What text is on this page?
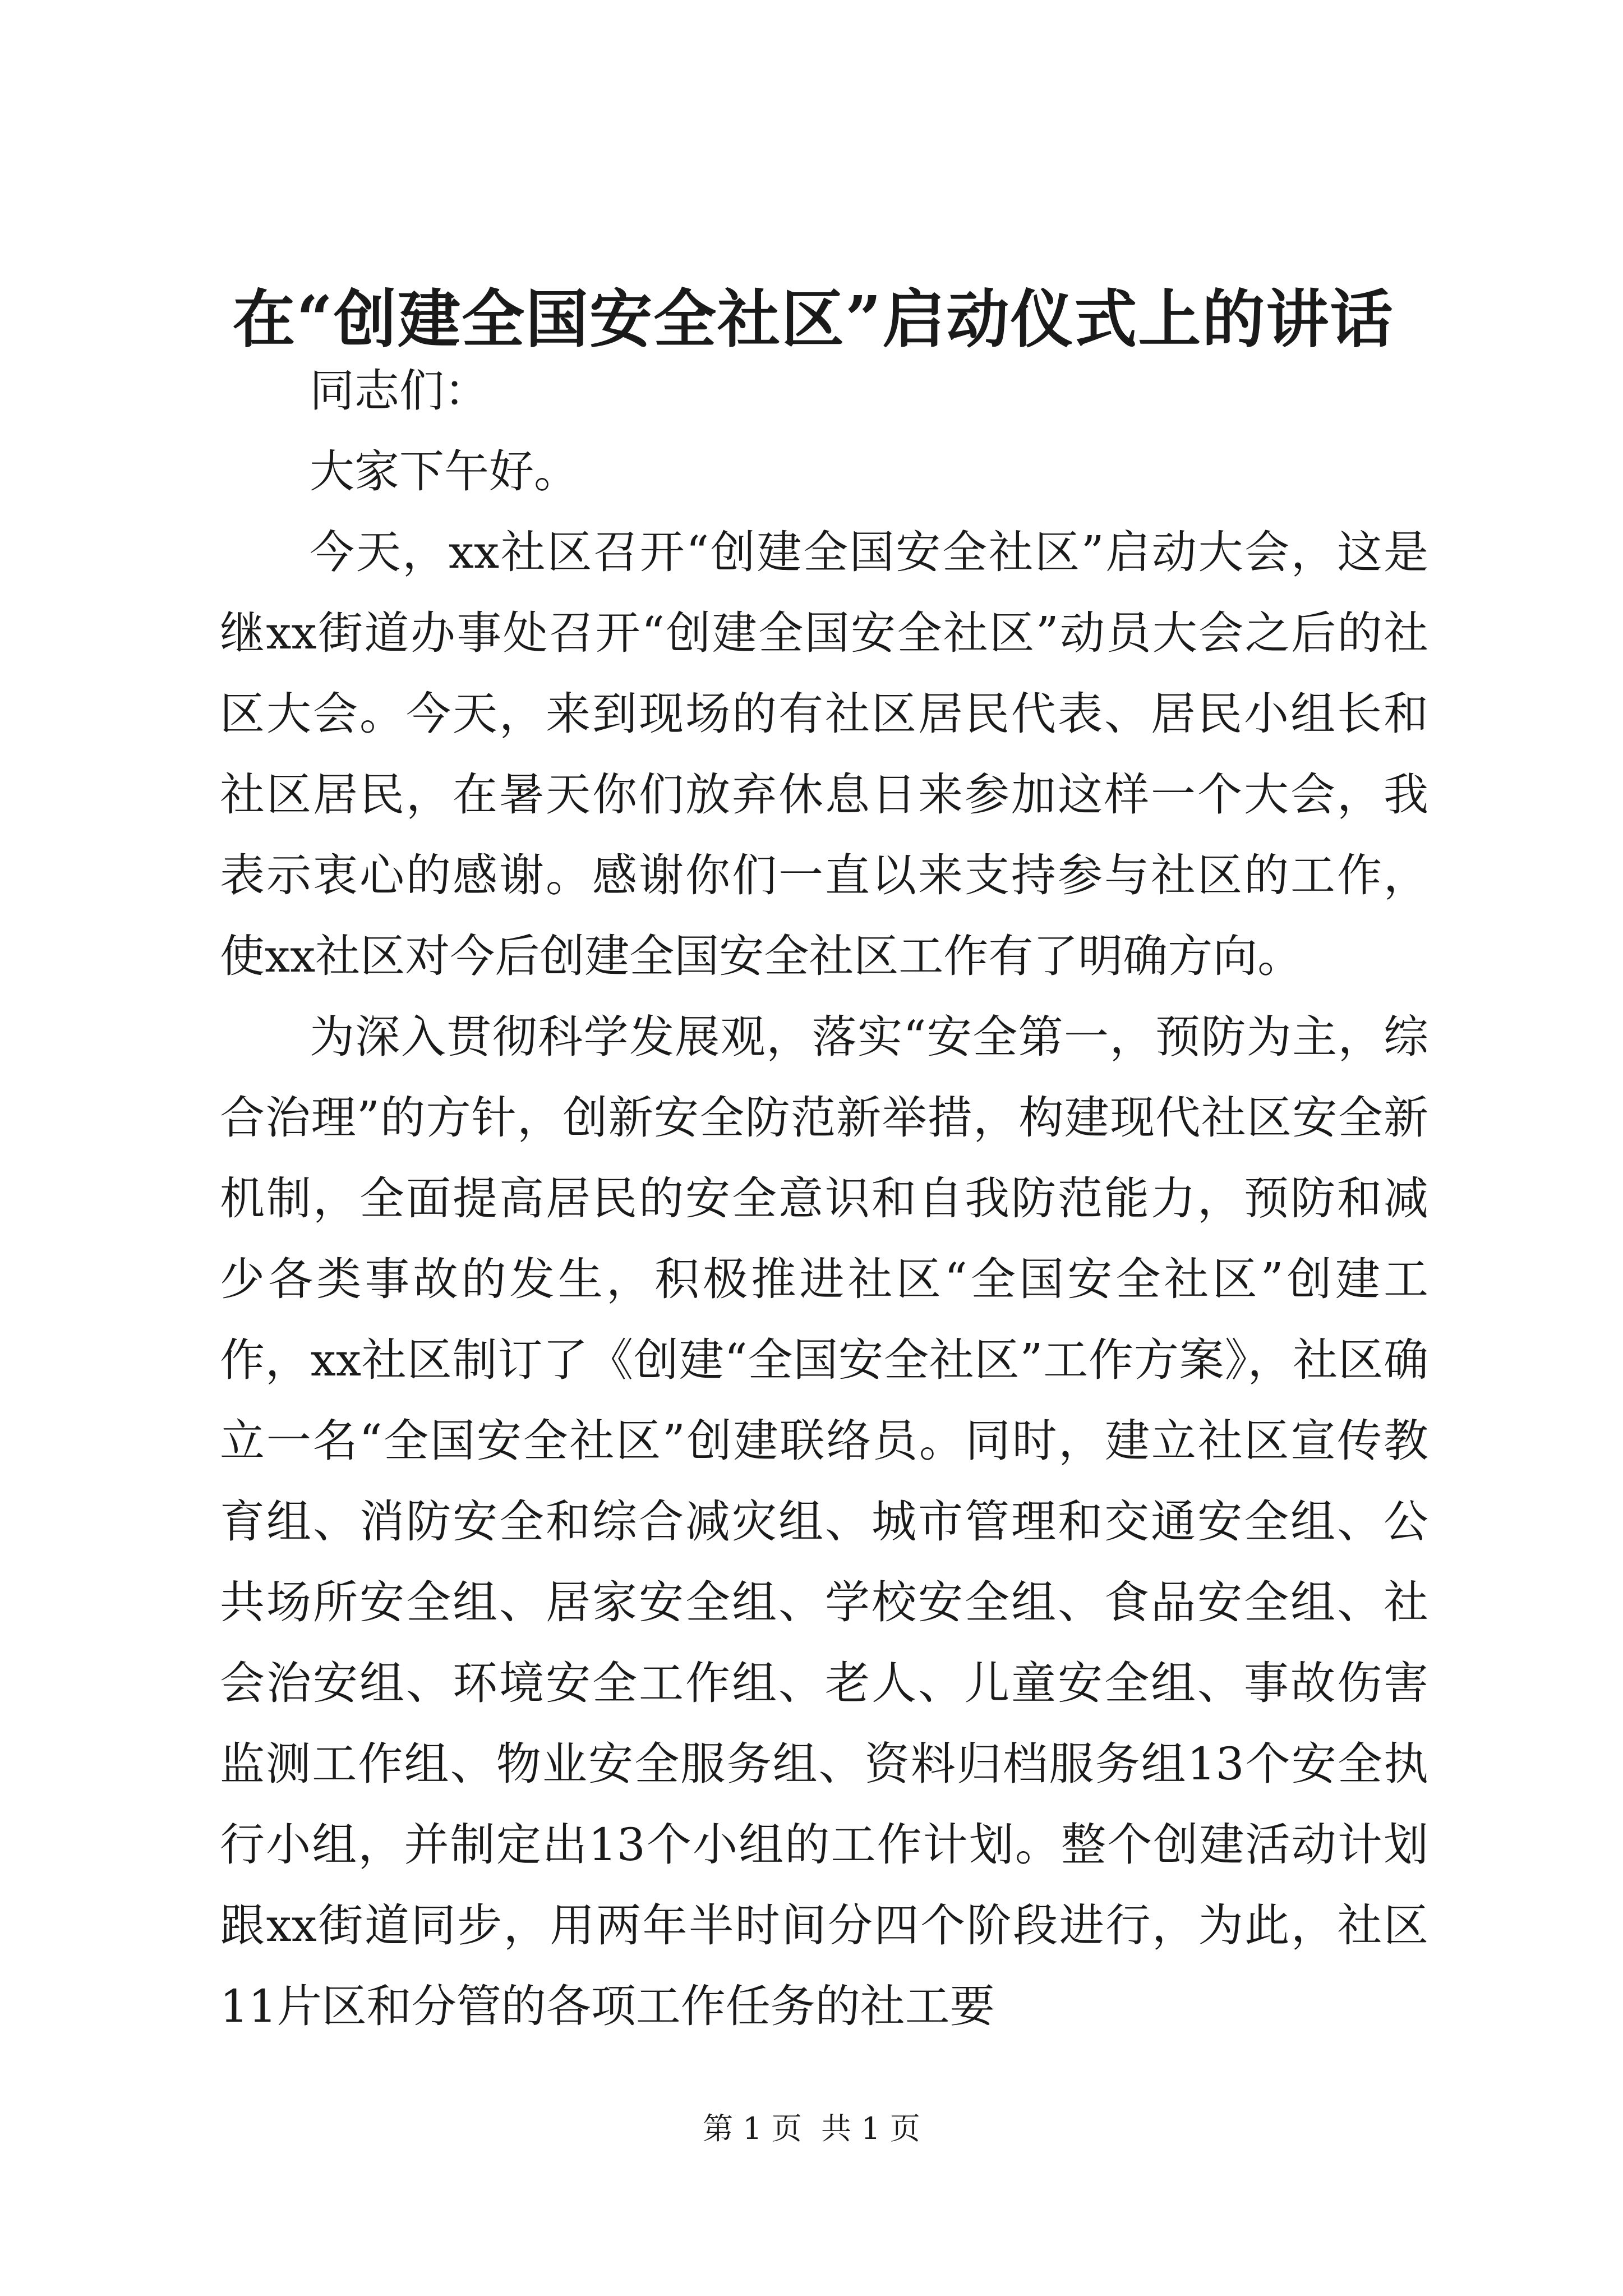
在“创建全国安全社区”启动仪式上的讲话

同志们：

大家下午好。

今天，xx社区召开“创建全国安全社区”启动大会，这是继xx街道办事处召开“创建全国安全社区”动员大会之后的社区大会。今天，来到现场的有社区居民代表、居民小组长和社区居民，在暑天你们放弃休息日来参加这样一个大会，我表示衷心的感谢。感谢你们一直以来支持参与社区的工作，使xx社区对今后创建全国安全社区工作有了明确方向。

为深入贯彻科学发展观，落实“安全第一，预防为主，综合治理”的方针，创新安全防范新举措，构建现代社区安全新机制，全面提高居民的安全意识和自我防范能力，预防和减少各类事故的发生，积极推进社区“全国安全社区”创建工作，xx社区制订了《创建“全国安全社区”工作方案》，社区确立一名“全国安全社区”创建联络员。同时，建立社区宣传教育组、消防安全和综合减灾组、城市管理和交通安全组、公共场所安全组、居家安全组、学校安全组、食品安全组、社会治安组、环境安全工作组、老人、儿童安全组、事故伤害监测工作组、物业安全服务组、资料归档服务组13个安全执行小组，并制定出13个小组的工作计划。整个创建活动计划跟xx街道同步，用两年半时间分四个阶段进行，为此，社区11片区和分管的各项工作任务的社工要

第 1 页  共 1 页
